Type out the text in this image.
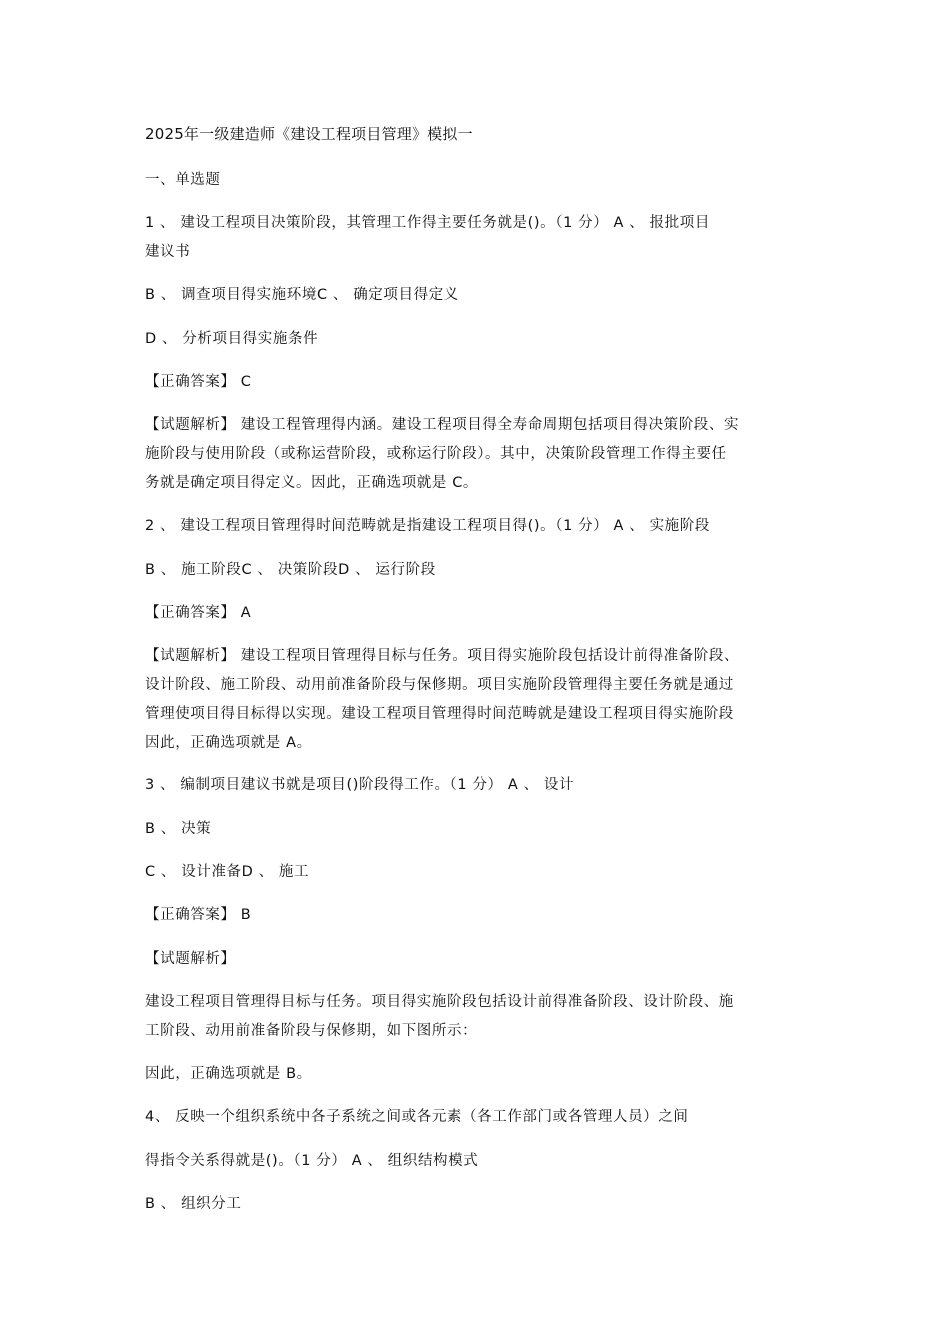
2025年一级建造师《建设工程项目管理》模拟一
一、单选题
1 、 建设工程项目决策阶段，其管理工作得主要任务就是()。（1 分） A 、 报批项目
建议书
B 、 调查项目得实施环境C 、 确定项目得定义
D 、 分析项目得实施条件
【正确答案】 C
【试题解析】 建设工程管理得内涵。建设工程项目得全寿命周期包括项目得决策阶段、实
施阶段与使用阶段（或称运营阶段，或称运行阶段）。其中，决策阶段管理工作得主要任
务就是确定项目得定义。因此，正确选项就是 C。
2 、 建设工程项目管理得时间范畴就是指建设工程项目得()。（1 分） A 、 实施阶段
B 、 施工阶段C 、 决策阶段D 、 运行阶段
【正确答案】 A
【试题解析】 建设工程项目管理得目标与任务。项目得实施阶段包括设计前得准备阶段、
设计阶段、施工阶段、动用前准备阶段与保修期。项目实施阶段管理得主要任务就是通过
管理使项目得目标得以实现。建设工程项目管理得时间范畴就是建设工程项目得实施阶段
因此，正确选项就是 A。
3 、 编制项目建议书就是项目()阶段得工作。（1 分） A 、 设计
B 、 决策
C 、 设计准备D 、 施工
【正确答案】 B
【试题解析】
建设工程项目管理得目标与任务。项目得实施阶段包括设计前得准备阶段、设计阶段、施
工阶段、动用前准备阶段与保修期，如下图所示：
因此，正确选项就是 B。
4、 反映一个组织系统中各子系统之间或各元素（各工作部门或各管理人员）之间
得指令关系得就是()。（1 分） A 、 组织结构模式
B 、 组织分工
